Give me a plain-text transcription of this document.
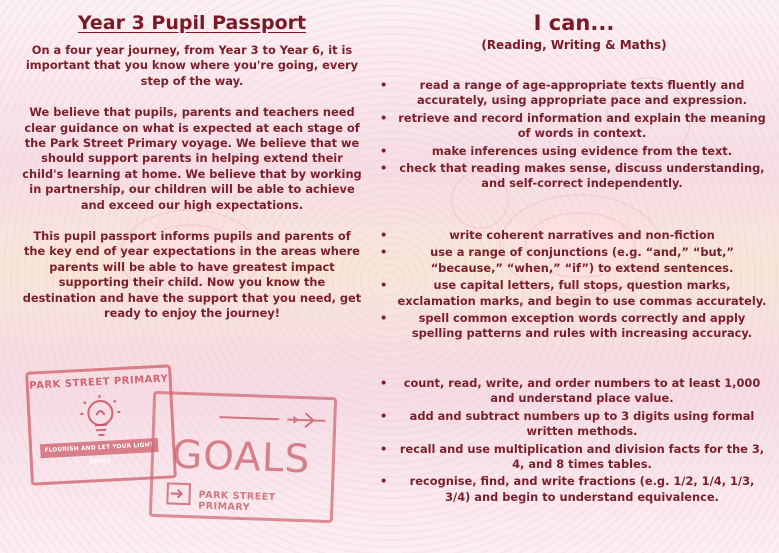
Year 3 Pupil Passport

On a four year journey, from Year 3 to Year 6, it is important that you know where you're going, every step of the way.

We believe that pupils, parents and teachers need clear guidance on what is expected at each stage of the Park Street Primary voyage. We believe that we should support parents in helping extend their child's learning at home. We believe that by working in partnership, our children will be able to achieve and exceed our high expectations.

This pupil passport informs pupils and parents of the key end of year expectations in the areas where parents will be able to have greatest impact supporting their child. Now you know the destination and have the support that you need, get ready to enjoy the journey!

I can...
(Reading, Writing & Maths)
•	read a range of age-appropriate texts fluently and accurately, using appropriate pace and expression.
• retrieve and record information and explain the meaning of words in context.
•	make inferences using evidence from the text.
• check that reading makes sense, discuss understanding, and self-correct independently.
•	write coherent narratives and non-fiction
•	use a range of conjunctions (e.g. “and,” “but,” “because,” “when,” “if”) to extend sentences.
•	use capital letters, full stops, question marks, exclamation marks, and begin to use commas accurately.
•	spell common exception words correctly and apply spelling patterns and rules with increasing accuracy.
• count, read, write, and order numbers to at least 1,000 and understand place value.
• add and subtract numbers up to 3 digits using formal written methods.
• recall and use multiplication and division facts for the 3, 4, and 8 times tables.
• recognise, find, and write fractions (e.g. 1/2, 1/4, 1/3, 3/4) and begin to understand equivalence.
PARK STREET PRIMARY
FLOURISH AND LET YOUR LIGHT SHINE	GOALS
PARK STREET PRIMARY
